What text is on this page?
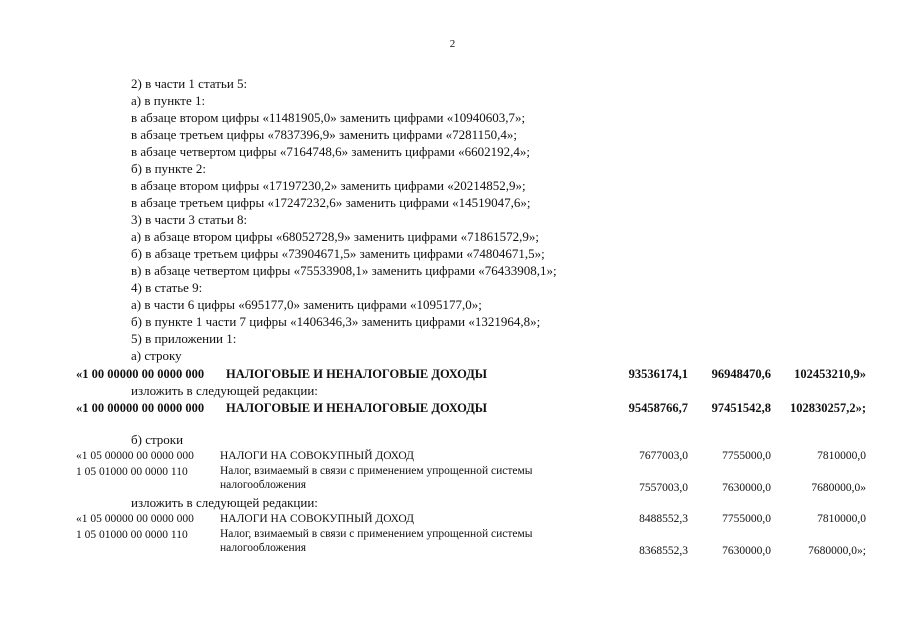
2
2) в части 1 статьи 5:
а) в пункте 1:
в абзаце втором цифры «11481905,0» заменить цифрами «10940603,7»;
в абзаце третьем цифры «7837396,9» заменить цифрами «7281150,4»;
в абзаце четвертом цифры «7164748,6» заменить цифрами «6602192,4»;
б) в пункте 2:
в абзаце втором цифры «17197230,2» заменить цифрами «20214852,9»;
в абзаце третьем цифры «17247232,6» заменить цифрами «14519047,6»;
3) в части 3 статьи 8:
а) в абзаце втором цифры «68052728,9» заменить цифрами «71861572,9»;
б) в абзаце третьем цифры «73904671,5» заменить цифрами «74804671,5»;
в) в абзаце четвертом цифры «75533908,1» заменить цифрами «76433908,1»;
4) в статье 9:
а) в части 6 цифры «695177,0» заменить цифрами «1095177,0»;
б) в пункте 1 части 7 цифры «1406346,3» заменить цифрами «1321964,8»;
5) в приложении 1:
а) строку
«1 00 00000 00 0000 000 НАЛОГОВЫЕ И НЕНАЛОГОВЫЕ ДОХОДЫ	93536174,1 96948470,6 102453210,9»
изложить в следующей редакции:
«1 00 00000 00 0000 000 НАЛОГОВЫЕ И НЕНАЛОГОВЫЕ ДОХОДЫ	95458766,7 97451542,8 102830257,2»;
б) строки
«1 05 00000 00 0000 000 НАЛОГИ НА СОВОКУПНЫЙ ДОХОД	7677003,0	7755000,0	7810000,0
1 05 01000 00 0000 110	Налог, взимаемый в связи с применением упрощенной системы
налогообложения	7557003,0	7630000,0	7680000,0»
изложить в следующей редакции:
«1 05 00000 00 0000 000 НАЛОГИ НА СОВОКУПНЫЙ ДОХОД	8488552,3	7755000,0	7810000,0
1 05 01000 00 0000 110	Налог, взимаемый в связи с применением упрощенной системы
налогообложения	8368552,3	7630000,0	7680000,0»;
